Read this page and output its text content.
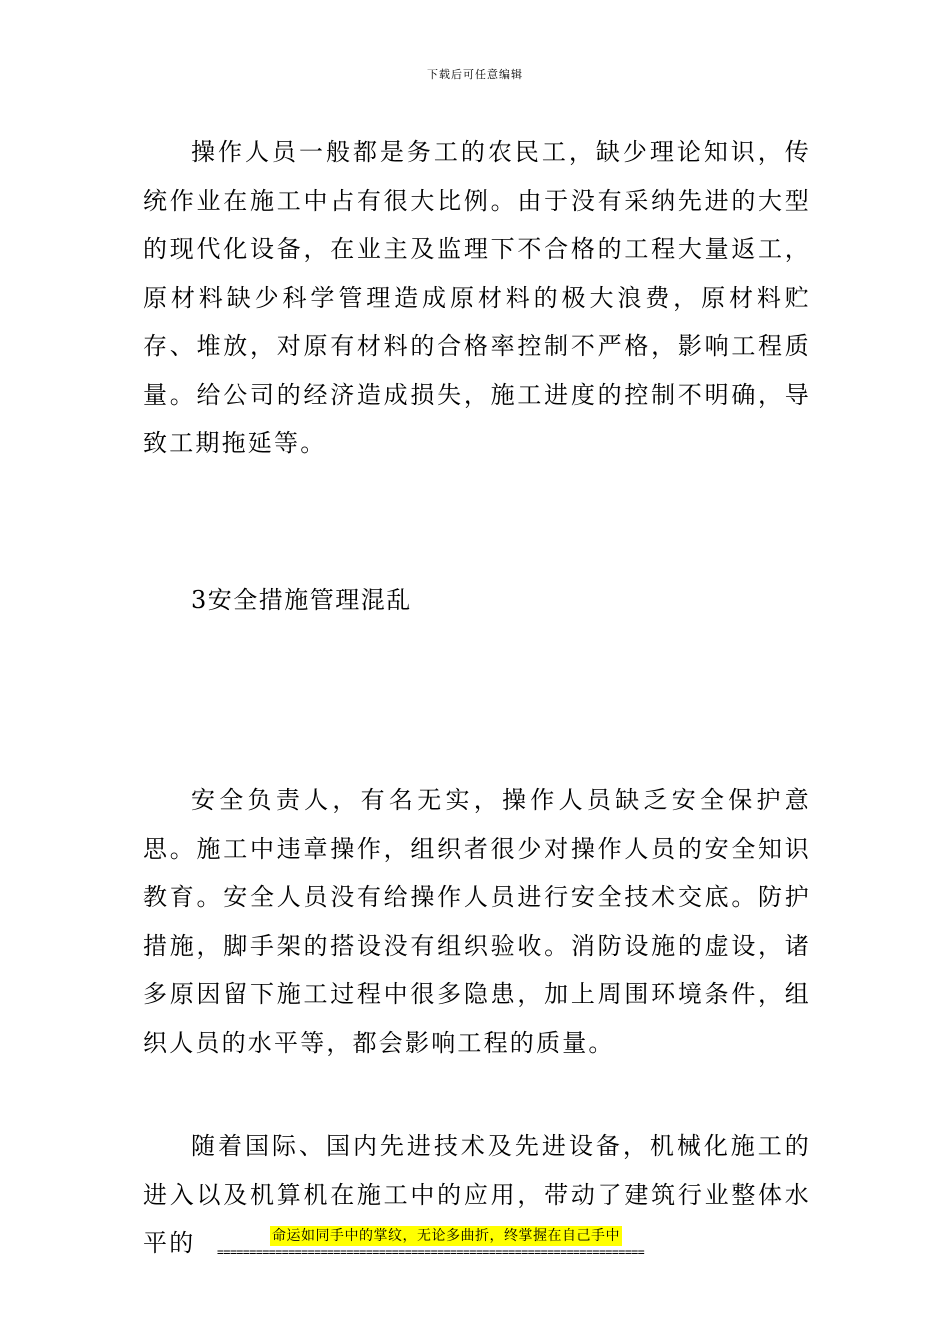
下载后可任意编辑

操作人员一般都是务工的农民工，缺少理论知识，传统作业在施工中占有很大比例。由于没有采纳先进的大型的现代化设备，在业主及监理下不合格的工程大量返工，原材料缺少科学管理造成原材料的极大浪费，原材料贮存、堆放，对原有材料的合格率控制不严格，影响工程质量。给公司的经济造成损失，施工进度的控制不明确，导致工期拖延等。

3安全措施管理混乱

安全负责人，有名无实，操作人员缺乏安全保护意思。施工中违章操作，组织者很少对操作人员的安全知识教育。安全人员没有给操作人员进行安全技术交底。防护措施，脚手架的搭设没有组织验收。消防设施的虚设，诸多原因留下施工过程中很多隐患，加上周围环境条件，组织人员的水平等，都会影响工程的质量。

随着国际、国内先进技术及先进设备，机械化施工的进入以及机算机在施工中的应用，带动了建筑行业整体水平的	命运如同手中的掌纹，无论多曲折，终掌握在自己手中
==================================================================
